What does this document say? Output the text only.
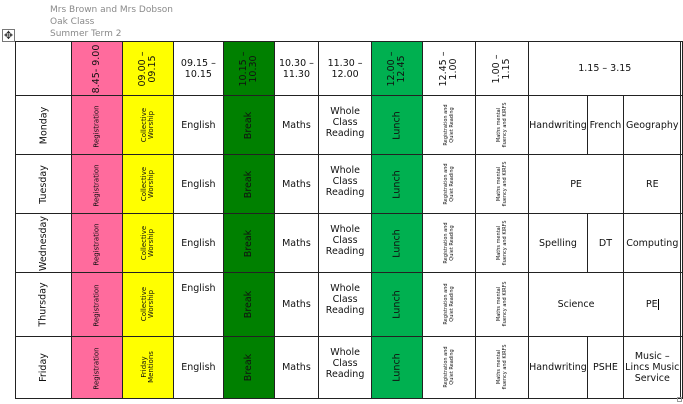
Mrs Brown and Mrs Dobson
Oak Class
Summer Term 2
✥
	8.45- 9.00	09.00 – 09.15	09.15 – 10.15	10.15 – 10.30	10.30 – 11.30	11.30 – 12.00	12.00 – 12.45	12.45 – 1.00	1.00 – 1.15	1.15 – 3.15			
Monday	Registration	Collective Worship	English	Break	Maths	Whole Class Reading	Lunch	Registration and Quiet Reading	Maths mental fluency and KIRFS	Handwriting	French	Geography	
Tuesday	Registration	Collective Worship	English	Break	Maths	Whole Class Reading	Lunch	Registration and Quiet Reading	Maths mental fluency and KIRFS	PE		RE	
Wednesday	Registration	Collective Worship	English	Break	Maths	Whole Class Reading	Lunch	Registration and Quiet Reading	Maths mental fluency and KIRFS	Spelling	DT	Computing	
Thursday	Registration	Collective Worship	English	Break	Maths	Whole Class Reading	Lunch	Registration and Quiet Reading	Maths mental fluency and KIRFS	Science		PE	
Friday	Registration	Friday Mentions	English	Break	Maths	Whole Class Reading	Lunch	Registration and Quiet Reading	Maths mental fluency and KIRFS	Handwriting	PSHE	Music – Lincs Music Service	
